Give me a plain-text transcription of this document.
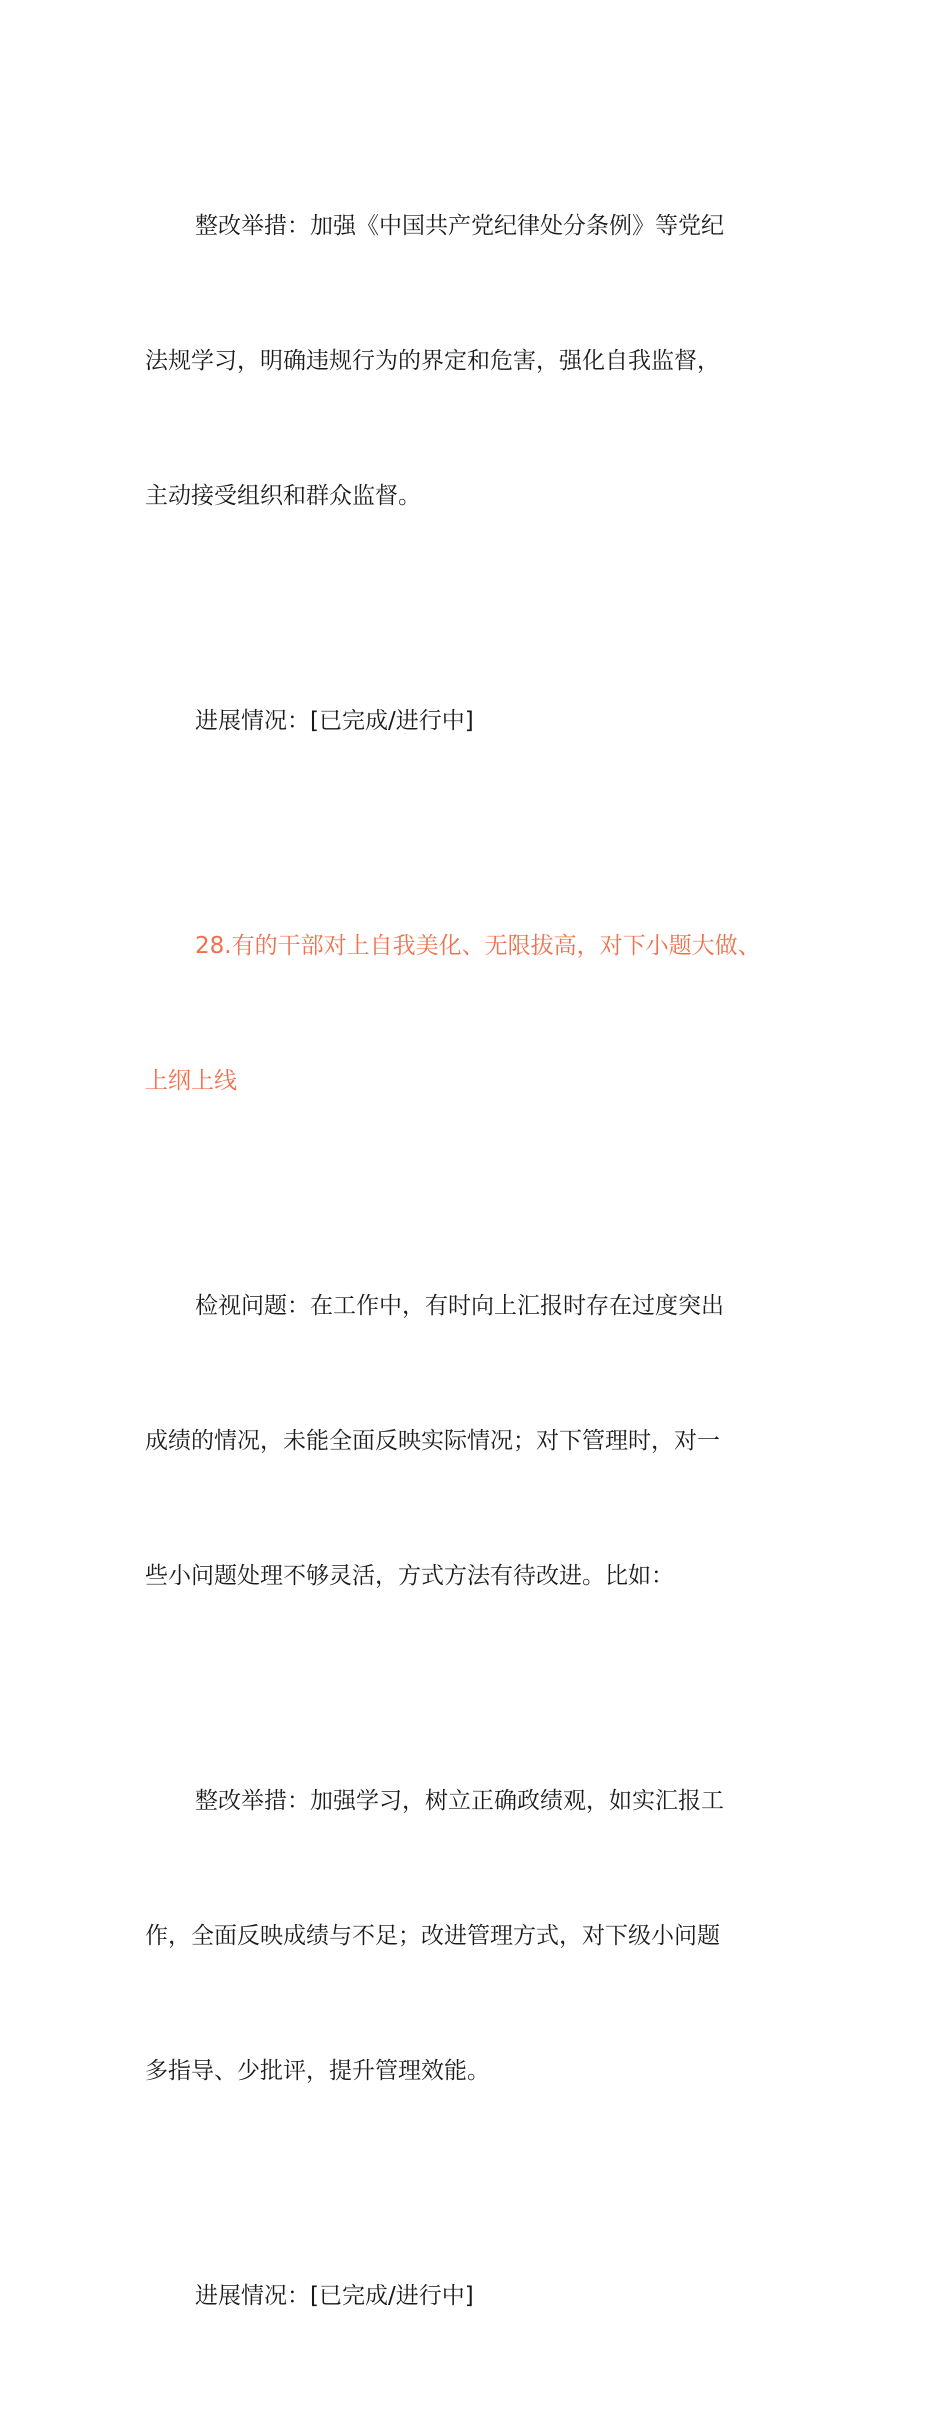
整改举措：加强《中国共产党纪律处分条例》等党纪

法规学习，明确违规行为的界定和危害，强化自我监督，

主动接受组织和群众监督。

进展情况：[已完成/进行中]

28.有的干部对上自我美化、无限拔高，对下小题大做、

上纲上线

检视问题：在工作中，有时向上汇报时存在过度突出

成绩的情况，未能全面反映实际情况；对下管理时，对一

些小问题处理不够灵活，方式方法有待改进。比如：

整改举措：加强学习，树立正确政绩观，如实汇报工

作，全面反映成绩与不足；改进管理方式，对下级小问题

多指导、少批评，提升管理效能。

进展情况：[已完成/进行中]
